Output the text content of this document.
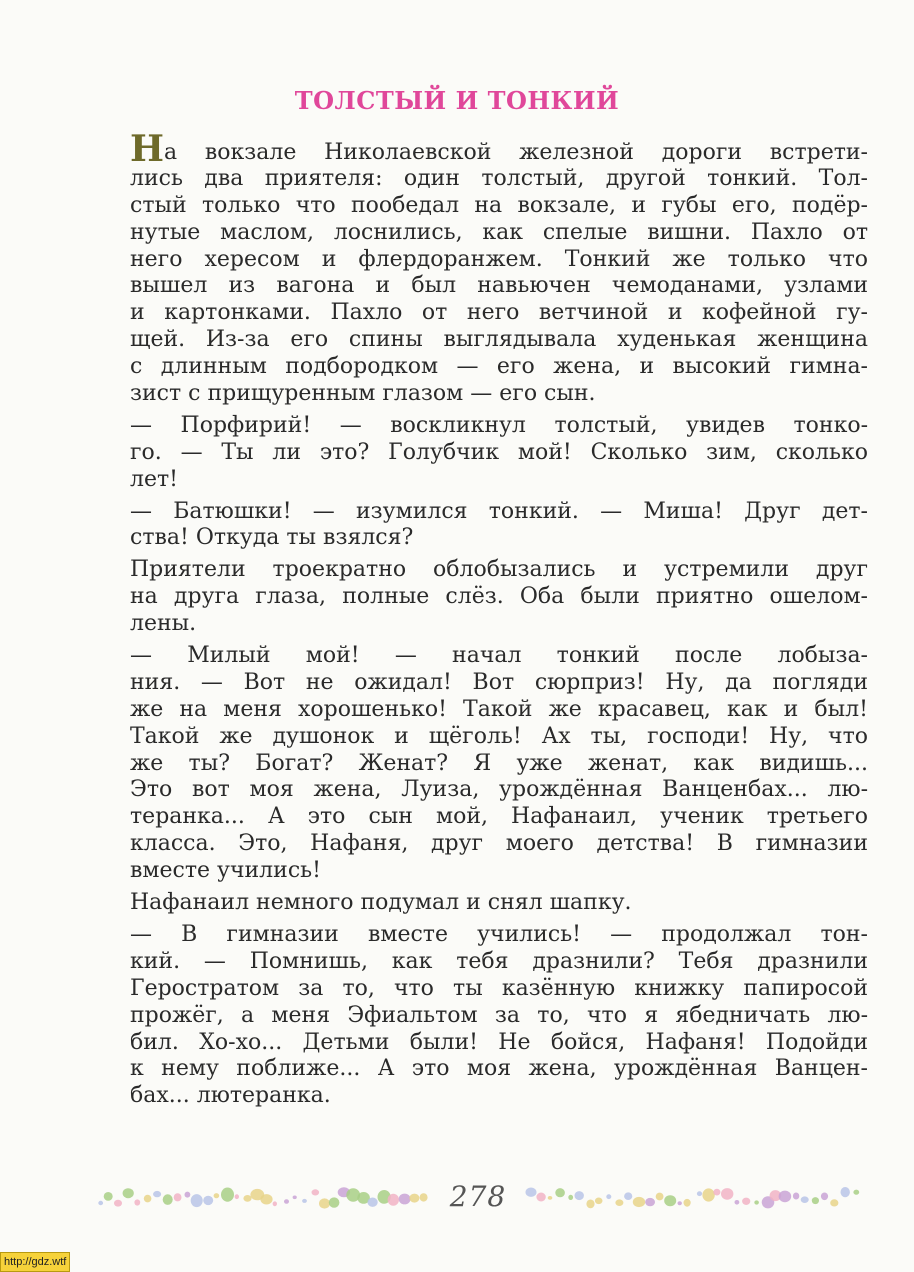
ТОЛСТЫЙ И ТОНКИЙ
На вокзале Николаевской железной дороги встрети-
лись два приятеля: один толстый, другой тонкий. Тол-
стый только что пообедал на вокзале, и губы его, подёр-
нутые маслом, лоснились, как спелые вишни. Пахло от
него хересом и флердоранжем. Тонкий же только что
вышел из вагона и был навьючен чемоданами, узлами
и картонками. Пахло от него ветчиной и кофейной гу-
щей. Из-за его спины выглядывала худенькая женщина
с длинным подбородком — его жена, и высокий гимна-
зист с прищуренным глазом — его сын.
— Порфирий! — воскликнул толстый, увидев тонко-
го. — Ты ли это? Голубчик мой! Сколько зим, сколько
лет!
— Батюшки! — изумился тонкий. — Миша! Друг дет-
ства! Откуда ты взялся?
Приятели троекратно облобызались и устремили друг
на друга глаза, полные слёз. Оба были приятно ошелом-
лены.
— Милый мой! — начал тонкий после лобыза-
ния. — Вот не ожидал! Вот сюрприз! Ну, да погляди
же на меня хорошенько! Такой же красавец, как и был!
Такой же душонок и щёголь! Ах ты, господи! Ну, что
же ты? Богат? Женат? Я уже женат, как видишь...
Это вот моя жена, Луиза, урождённая Ванценбах... лю-
теранка... А это сын мой, Нафанаил, ученик третьего
класса. Это, Нафаня, друг моего детства! В гимназии
вместе учились!
Нафанаил немного подумал и снял шапку.
— В гимназии вместе учились! — продолжал тон-
кий. — Помнишь, как тебя дразнили? Тебя дразнили
Геростратом за то, что ты казённую книжку папиросой
прожёг, а меня Эфиальтом за то, что я ябедничать лю-
бил. Хо-хо... Детьми были! Не бойся, Нафаня! Подойди
к нему поближе... А это моя жена, урождённая Ванцен-
бах... лютеранка.
278
http://gdz.wtf
